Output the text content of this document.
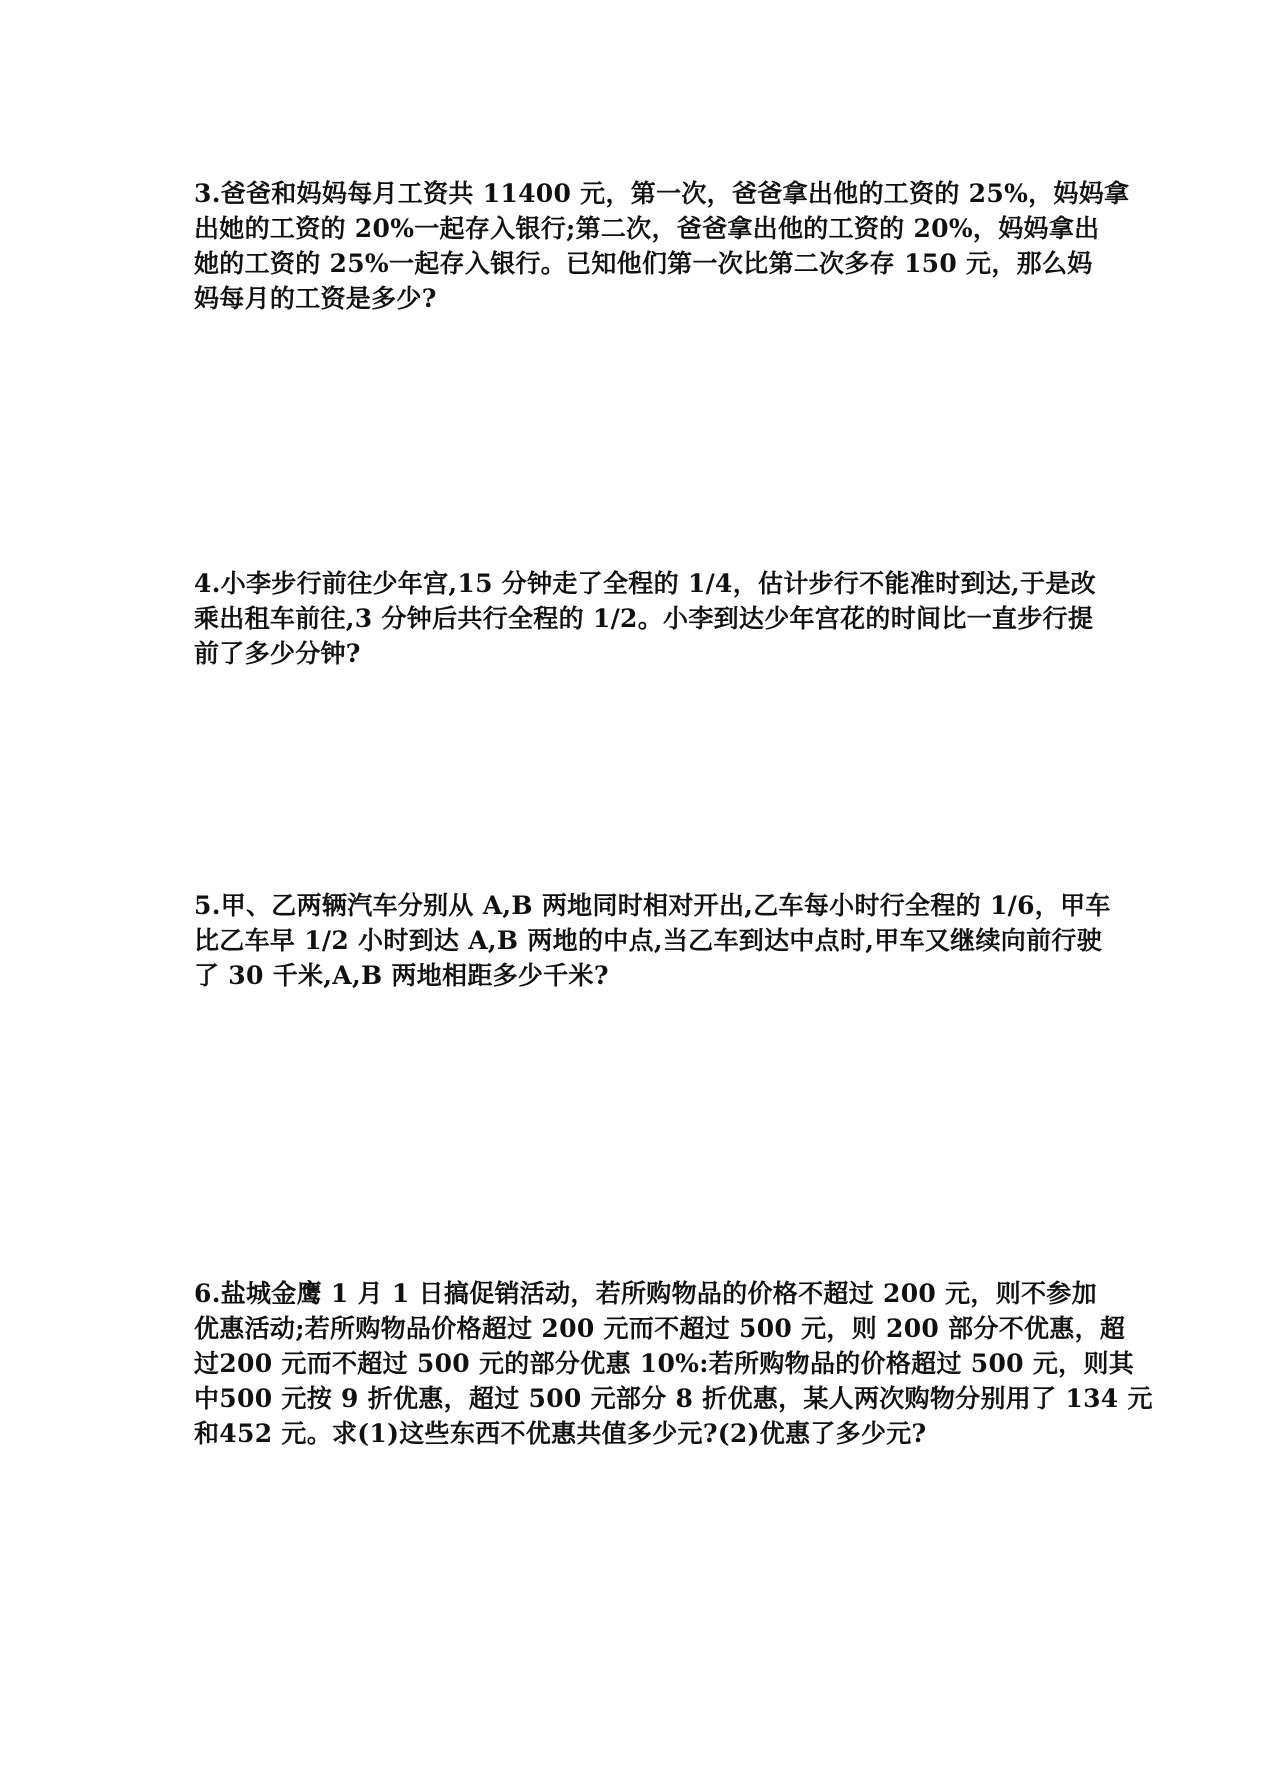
3.爸爸和妈妈每月工资共 11400 元，第一次，爸爸拿出他的工资的 25%，妈妈拿
出她的工资的 20%一起存入银行;第二次，爸爸拿出他的工资的 20%，妈妈拿出
她的工资的 25%一起存入银行。已知他们第一次比第二次多存 150 元，那么妈
妈每月的工资是多少?
4.小李步行前往少年宫,15 分钟走了全程的 1/4，估计步行不能准时到达,于是改
乘出租车前往,3 分钟后共行全程的 1/2。小李到达少年宫花的时间比一直步行提
前了多少分钟?
5.甲、乙两辆汽车分别从 A,B 两地同时相对开出,乙车每小时行全程的 1/6，甲车
比乙车早 1/2 小时到达 A,B 两地的中点,当乙车到达中点时,甲车又继续向前行驶
了 30 千米,A,B 两地相距多少千米?
6.盐城金鹰 1 月 1 日搞促销活动，若所购物品的价格不超过 200 元，则不参加
优惠活动;若所购物品价格超过 200 元而不超过 500 元，则 200 部分不优惠，超
过200 元而不超过 500 元的部分优惠 10%:若所购物品的价格超过 500 元，则其
中500 元按 9 折优惠，超过 500 元部分 8 折优惠，某人两次购物分别用了 134 元
和452 元。求(1)这些东西不优惠共值多少元?(2)优惠了多少元?
